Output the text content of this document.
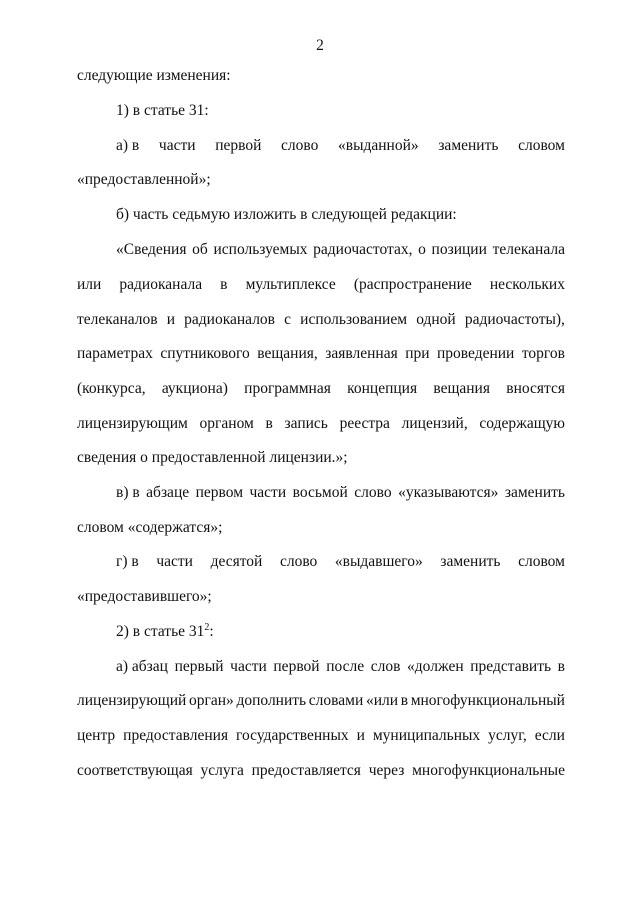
2
следующие изменения:
1) в статье 31:
а) в части первой слово «выданной» заменить словом
«предоставленной»;
б) часть седьмую изложить в следующей редакции:
«Сведения об используемых радиочастотах, о позиции телеканала
или радиоканала в мультиплексе (распространение нескольких
телеканалов и радиоканалов с использованием одной радиочастоты),
параметрах спутникового вещания, заявленная при проведении торгов
(конкурса, аукциона) программная концепция вещания вносятся
лицензирующим органом в запись реестра лицензий, содержащую
сведения о предоставленной лицензии.»;
в) в абзаце первом части восьмой слово «указываются» заменить
словом «содержатся»;
г) в части десятой слово «выдавшего» заменить словом
«предоставившего»;
2) в статье $31^2$:
а) абзац первый части первой после слов «должен представить в
лицензирующий орган» дополнить словами «или в многофункциональный
центр предоставления государственных и муниципальных услуг, если
соответствующая услуга предоставляется через многофункциональные
